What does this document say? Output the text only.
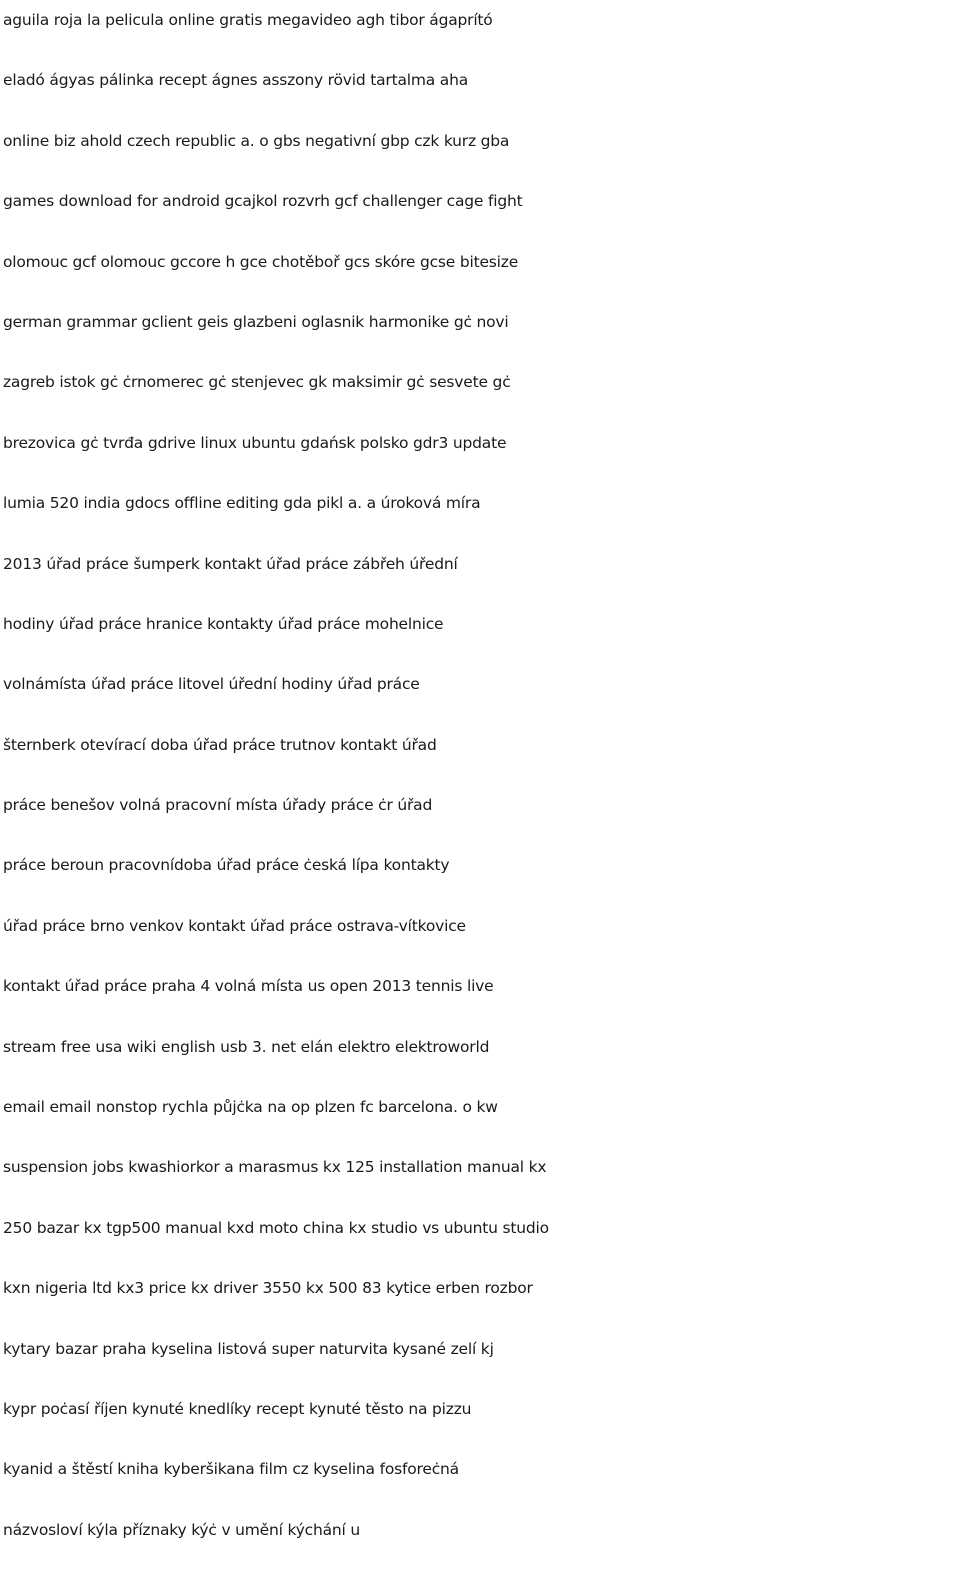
aguila roja la pelicula online gratis megavideo agh tibor ágaprító
eladó ágyas pálinka recept ágnes asszony rövid tartalma aha
online biz ahold czech republic a. o gbs negativní gbp czk kurz gba
games download for android gcajkol rozvrh gcf challenger cage fight
olomouc gcf olomouc gccore h gce chotěboř gcs skóre gcse bitesize
german grammar gclient geis glazbeni oglasnik harmonike gċ novi
zagreb istok gċ ċrnomerec gċ stenjevec gk maksimir gċ sesvete gċ
brezovica gċ tvrđa gdrive linux ubuntu gdańsk polsko gdr3 update
lumia 520 india gdocs offline editing gda pikl a. a úroková míra
2013 úřad práce šumperk kontakt úřad práce zábřeh úřední
hodiny úřad práce hranice kontakty úřad práce mohelnice
volnámísta úřad práce litovel úřední hodiny úřad práce
šternberk otevírací doba úřad práce trutnov kontakt úřad
práce benešov volná pracovní místa úřady práce ċr úřad
práce beroun pracovnídoba úřad práce ċeská lípa kontakty
úřad práce brno venkov kontakt úřad práce ostrava-vítkovice
kontakt úřad práce praha 4 volná místa us open 2013 tennis live
stream free usa wiki english usb 3. net elán elektro elektroworld
email email nonstop rychla půjċka na op plzen fc barcelona. o kw
suspension jobs kwashiorkor a marasmus kx 125 installation manual kx
250 bazar kx tgp500 manual kxd moto china kx studio vs ubuntu studio
kxn nigeria ltd kx3 price kx driver 3550 kx 500 83 kytice erben rozbor
kytary bazar praha kyselina listová super naturvita kysané zelí kj
kypr poċasí říjen kynuté knedlíky recept kynuté těsto na pizzu
kyanid a štěstí kniha kyberšikana film cz kyselina fosforeċná
názvosloví kýla příznaky kýċ v umění kýchání u
